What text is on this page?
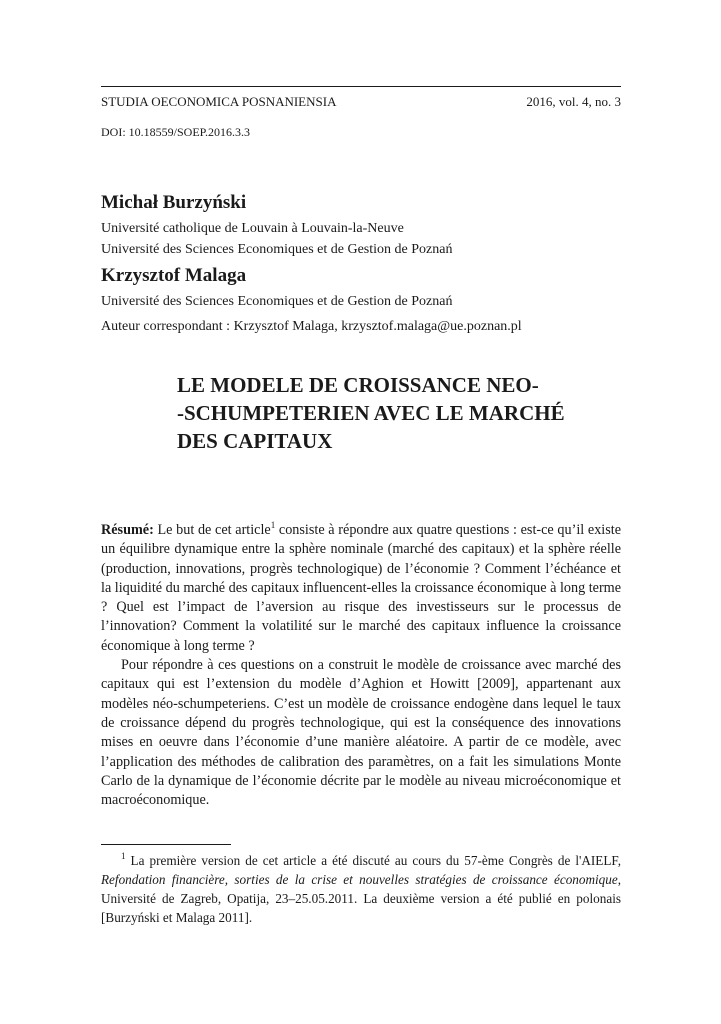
STUDIA OECONOMICA POSNANIENSIA	2016, vol. 4, no. 3
DOI: 10.18559/SOEP.2016.3.3
Michał Burzyński
Université catholique de Louvain à Louvain-la-Neuve
Université des Sciences Economiques et de Gestion de Poznań
Krzysztof Malaga
Université des Sciences Economiques et de Gestion de Poznań
Auteur correspondant : Krzysztof Malaga, krzysztof.malaga@ue.poznan.pl
LE MODELE DE CROISSANCE NEO-
-SCHUMPETERIEN AVEC LE MARCHÉ
DES CAPITAUX

Résumé: Le but de cet article$^1$ consiste à répondre aux quatre questions : est-ce qu’il existe un équilibre dynamique entre la sphère nominale (marché des capitaux) et la sphère réelle (production, innovations, progrès technologique) de l’économie ? Comment l’échéance et la liquidité du marché des capitaux influencent-elles la croissance économique à long terme ? Quel est l’impact de l’aversion au risque des investisseurs sur le processus de l’innovation? Comment la volatilité sur le marché des capitaux influence la croissance économique à long terme ?

Pour répondre à ces questions on a construit le modèle de croissance avec marché des capitaux qui est l’extension du modèle d’Aghion et Howitt [2009], appartenant aux modèles néo-schumpeteriens. C’est un modèle de croissance endogène dans lequel le taux de croissance dépend du progrès technologique, qui est la conséquence des innovations mises en oeuvre dans l’économie d’une manière aléatoire. A partir de ce modèle, avec l’application des méthodes de calibration des paramètres, on a fait les simulations Monte Carlo de la dynamique de l’économie décrite par le modèle au niveau microéconomique et macroéconomique.

$^1$ La première version de cet article a été discuté au cours du 57-ème Congrès de l'AIELF, Refondation financière, sorties de la crise et nouvelles stratégies de croissance économique, Université de Zagreb, Opatija, 23–25.05.2011. La deuxième version a été publié en polonais [Burzyński et Malaga 2011].
